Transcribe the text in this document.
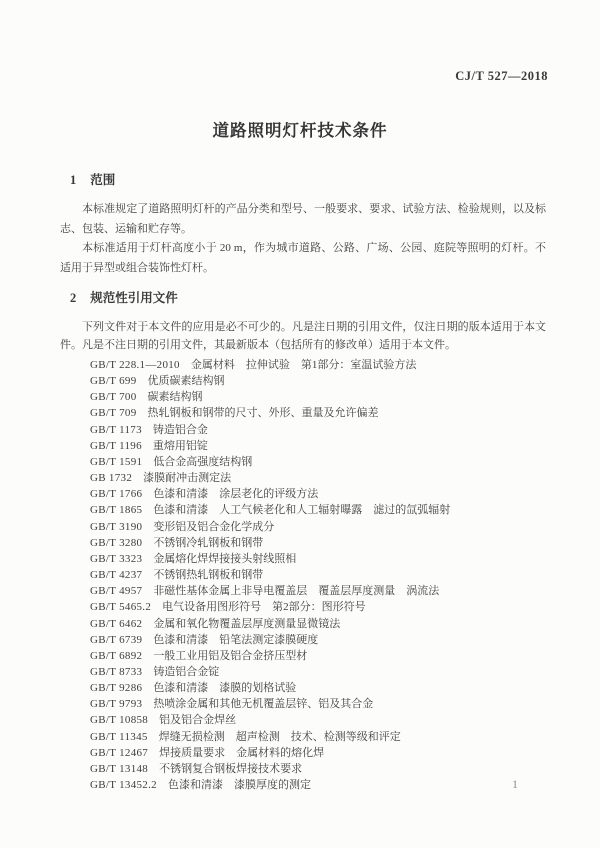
CJ/T 527—2018
道路照明灯杆技术条件
1 范围

本标准规定了道路照明灯杆的产品分类和型号、一般要求、要求、试验方法、检验规则，以及标志、包装、运输和贮存等。

本标准适用于灯杆高度小于 20 m，作为城市道路、公路、广场、公园、庭院等照明的灯杆。不适用于异型或组合装饰性灯杆。

2 规范性引用文件

下列文件对于本文件的应用是必不可少的。凡是注日期的引用文件，仅注日期的版本适用于本文件。凡是不注日期的引用文件，其最新版本（包括所有的修改单）适用于本文件。

GB/T 228.1—2010 金属材料　拉伸试验　第1部分：室温试验方法
GB/T 699 优质碳素结构钢
GB/T 700 碳素结构钢
GB/T 709 热轧钢板和钢带的尺寸、外形、重量及允许偏差
GB/T 1173 铸造铝合金
GB/T 1196 重熔用铝锭
GB/T 1591 低合金高强度结构钢
GB 1732 漆膜耐冲击测定法
GB/T 1766 色漆和清漆　涂层老化的评级方法
GB/T 1865 色漆和清漆　人工气候老化和人工辐射曝露　滤过的氙弧辐射
GB/T 3190 变形铝及铝合金化学成分
GB/T 3280 不锈钢冷轧钢板和钢带
GB/T 3323 金属熔化焊焊接接头射线照相
GB/T 4237 不锈钢热轧钢板和钢带
GB/T 4957 非磁性基体金属上非导电覆盖层　覆盖层厚度测量　涡流法
GB/T 5465.2 电气设备用图形符号　第2部分：图形符号
GB/T 6462 金属和氧化物覆盖层厚度测量显微镜法
GB/T 6739 色漆和清漆　铅笔法测定漆膜硬度
GB/T 6892 一般工业用铝及铝合金挤压型材
GB/T 8733 铸造铝合金锭
GB/T 9286 色漆和清漆　漆膜的划格试验
GB/T 9793 热喷涂金属和其他无机覆盖层锌、铝及其合金
GB/T 10858 铝及铝合金焊丝
GB/T 11345 焊缝无损检测　超声检测　技术、检测等级和评定
GB/T 12467 焊接质量要求　金属材料的熔化焊
GB/T 13148 不锈钢复合钢板焊接技术要求
GB/T 13452.2 色漆和清漆　漆膜厚度的测定	1
